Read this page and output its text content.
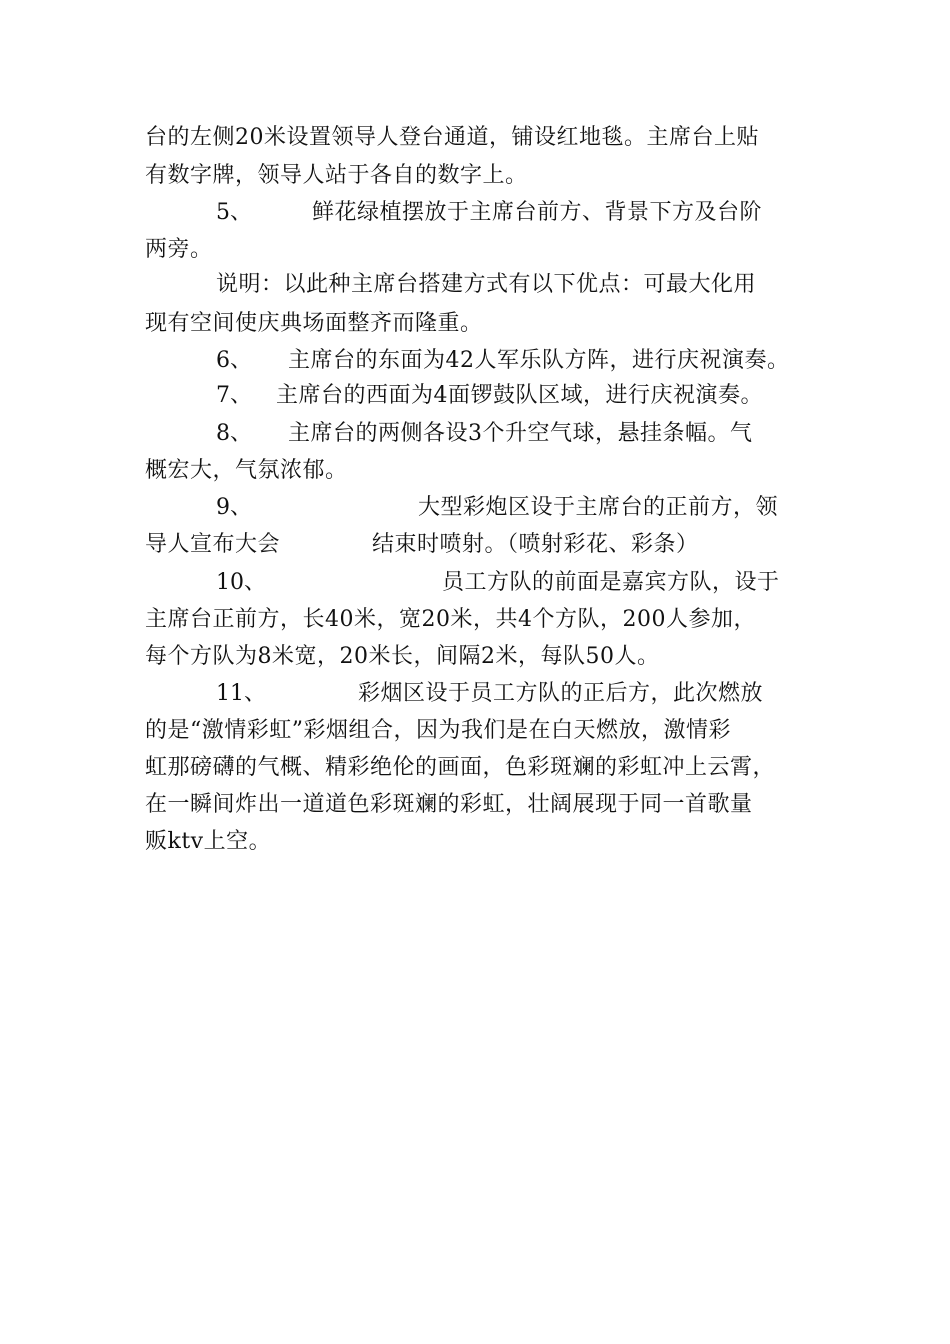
台的左侧20米设置领导人登台通道，铺设红地毯。主席台上贴
有数字牌，领导人站于各自的数字上。
5、	鲜花绿植摆放于主席台前方、背景下方及台阶
两旁。
说明：以此种主席台搭建方式有以下优点：可最大化用
现有空间使庆典场面整齐而隆重。
6、 主席台的东面为42人军乐队方阵，进行庆祝演奏。
7、 主席台的西面为4面锣鼓队区域，进行庆祝演奏。
8、 主席台的两侧各设3个升空气球，悬挂条幅。气
概宏大，气氛浓郁。
9、	大型彩炮区设于主席台的正前方，领
导人宣布大会	结束时喷射。（喷射彩花、彩条）
10、	员工方队的前面是嘉宾方队，设于
主席台正前方，长40米，宽20米，共4个方队，200人参加，
每个方队为8米宽，20米长，间隔2米，每队50人。
11、	彩烟区设于员工方队的正后方，此次燃放
的是“激情彩虹”彩烟组合，因为我们是在白天燃放，激情彩
虹那磅礴的气概、精彩绝伦的画面，色彩斑斓的彩虹冲上云霄，
在一瞬间炸出一道道色彩斑斓的彩虹，壮阔展现于同一首歌量
贩ktv上空。
